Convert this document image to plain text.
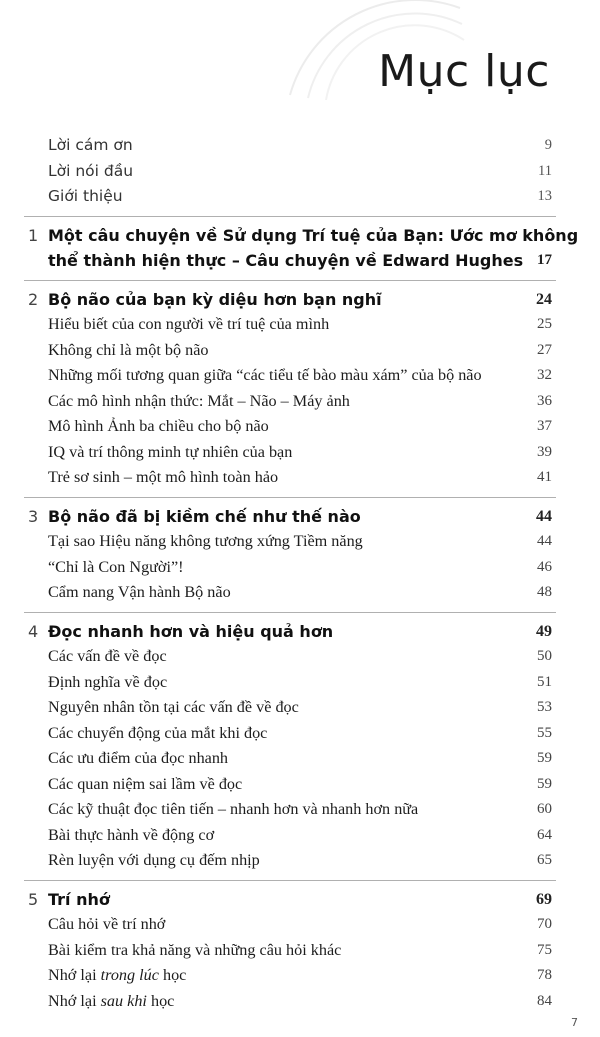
Mục lục
Lời cám ơn	9
Lời nói đầu	11
Giới thiệu	13
1 Một câu chuyện về Sử dụng Trí tuệ của Bạn: Ước mơ không
thể thành hiện thực – Câu chuyện về Edward Hughes 17
2 Bộ não của bạn kỳ diệu hơn bạn nghĩ	24
Hiểu biết của con người về trí tuệ của mình	25
Không chỉ là một bộ não	27
Những mối tương quan giữa “các tiểu tế bào màu xám” của bộ não	32
Các mô hình nhận thức: Mắt – Não – Máy ảnh	36
Mô hình Ảnh ba chiều cho bộ não	37
IQ và trí thông minh tự nhiên của bạn	39
Trẻ sơ sinh – một mô hình toàn hảo	41
3 Bộ não đã bị kiềm chế như thế nào	44
Tại sao Hiệu năng không tương xứng Tiềm năng	44
“Chỉ là Con Người”!	46
Cẩm nang Vận hành Bộ não	48
4 Đọc nhanh hơn và hiệu quả hơn	49
Các vấn đề về đọc	50
Định nghĩa về đọc	51
Nguyên nhân tồn tại các vấn đề về đọc	53
Các chuyển động của mắt khi đọc	55
Các ưu điểm của đọc nhanh	59
Các quan niệm sai lầm về đọc	59
Các kỹ thuật đọc tiên tiến – nhanh hơn và nhanh hơn nữa	60
Bài thực hành về động cơ	64
Rèn luyện với dụng cụ đếm nhịp	65
5 Trí nhớ	69
Câu hỏi về trí nhớ	70
Bài kiểm tra khả năng và những câu hỏi khác	75
Nhớ lại trong lúc học	78
Nhớ lại sau khi học	84
7
